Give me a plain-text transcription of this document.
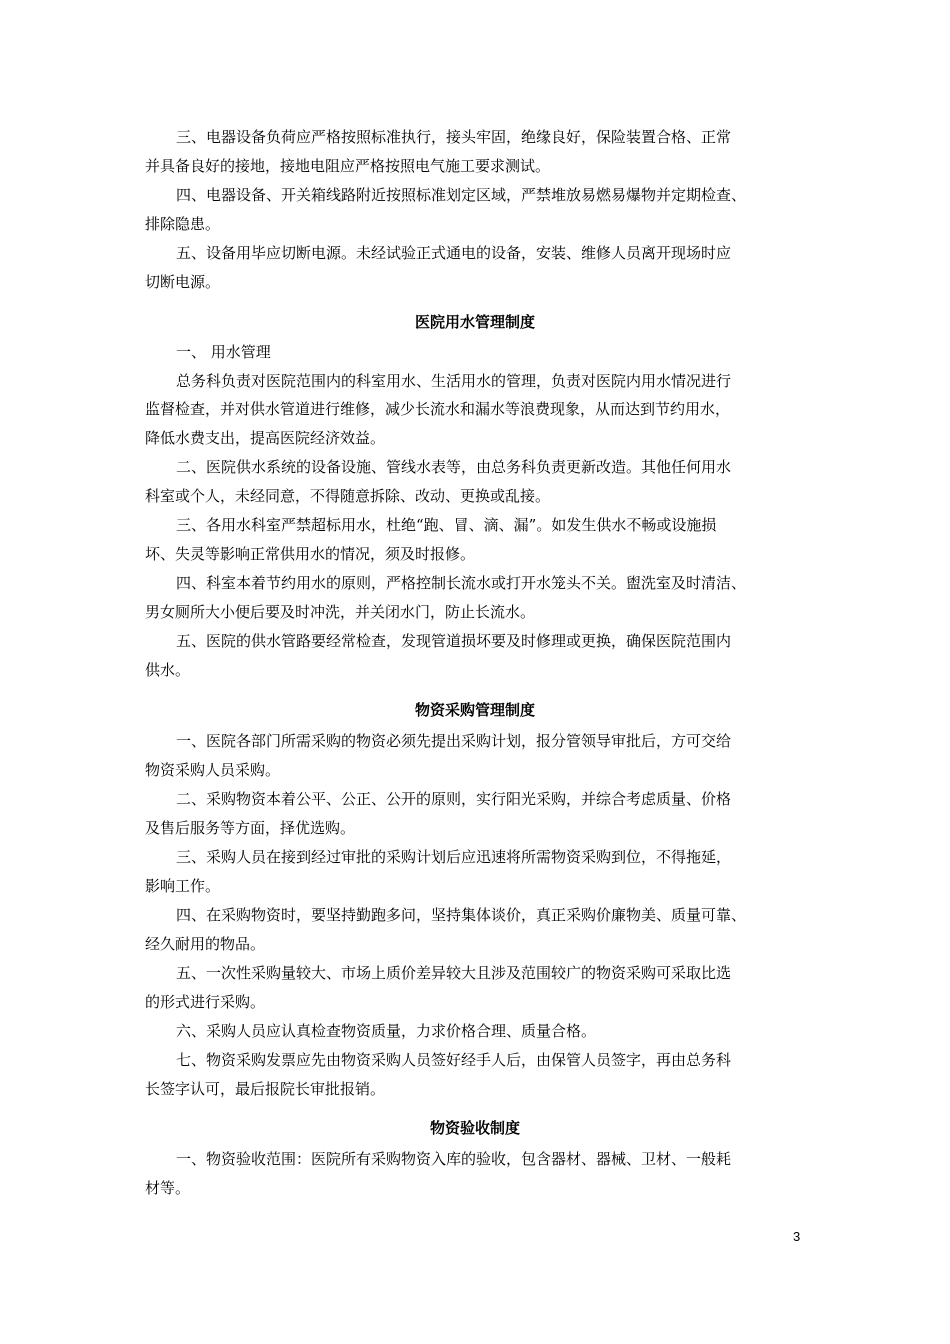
三、电器设备负荷应严格按照标准执行，接头牢固，绝缘良好，保险装置合格、正常
并具备良好的接地，接地电阻应严格按照电气施工要求测试。
四、电器设备、开关箱线路附近按照标准划定区域，严禁堆放易燃易爆物并定期检查、
排除隐患。
五、设备用毕应切断电源。未经试验正式通电的设备，安装、维修人员离开现场时应
切断电源。
医院用水管理制度
一、 用水管理
总务科负责对医院范围内的科室用水、生活用水的管理，负责对医院内用水情况进行
监督检查，并对供水管道进行维修，减少长流水和漏水等浪费现象，从而达到节约用水，
降低水费支出，提高医院经济效益。
二、医院供水系统的设备设施、管线水表等，由总务科负责更新改造。其他任何用水
科室或个人，未经同意，不得随意拆除、改动、更换或乱接。
三、各用水科室严禁超标用水，杜绝“跑、冒、滴、漏”。如发生供水不畅或设施损
坏、失灵等影响正常供用水的情况，须及时报修。
四、科室本着节约用水的原则，严格控制长流水或打开水笼头不关。盥洗室及时清洁、
男女厕所大小便后要及时冲洗，并关闭水门，防止长流水。
五、医院的供水管路要经常检查，发现管道损坏要及时修理或更换，确保医院范围内
供水。
物资采购管理制度
一、医院各部门所需采购的物资必须先提出采购计划，报分管领导审批后，方可交给
物资采购人员采购。
二、采购物资本着公平、公正、公开的原则，实行阳光采购，并综合考虑质量、价格
及售后服务等方面，择优选购。
三、采购人员在接到经过审批的采购计划后应迅速将所需物资采购到位，不得拖延，
影响工作。
四、在采购物资时，要坚持勤跑多问，坚持集体谈价，真正采购价廉物美、质量可靠、
经久耐用的物品。
五、一次性采购量较大、市场上质价差异较大且涉及范围较广的物资采购可采取比选
的形式进行采购。
六、采购人员应认真检查物资质量，力求价格合理、质量合格。
七、物资采购发票应先由物资采购人员签好经手人后，由保管人员签字，再由总务科
长签字认可，最后报院长审批报销。
物资验收制度
一、物资验收范围：医院所有采购物资入库的验收，包含器材、器械、卫材、一般耗
材等。
3
